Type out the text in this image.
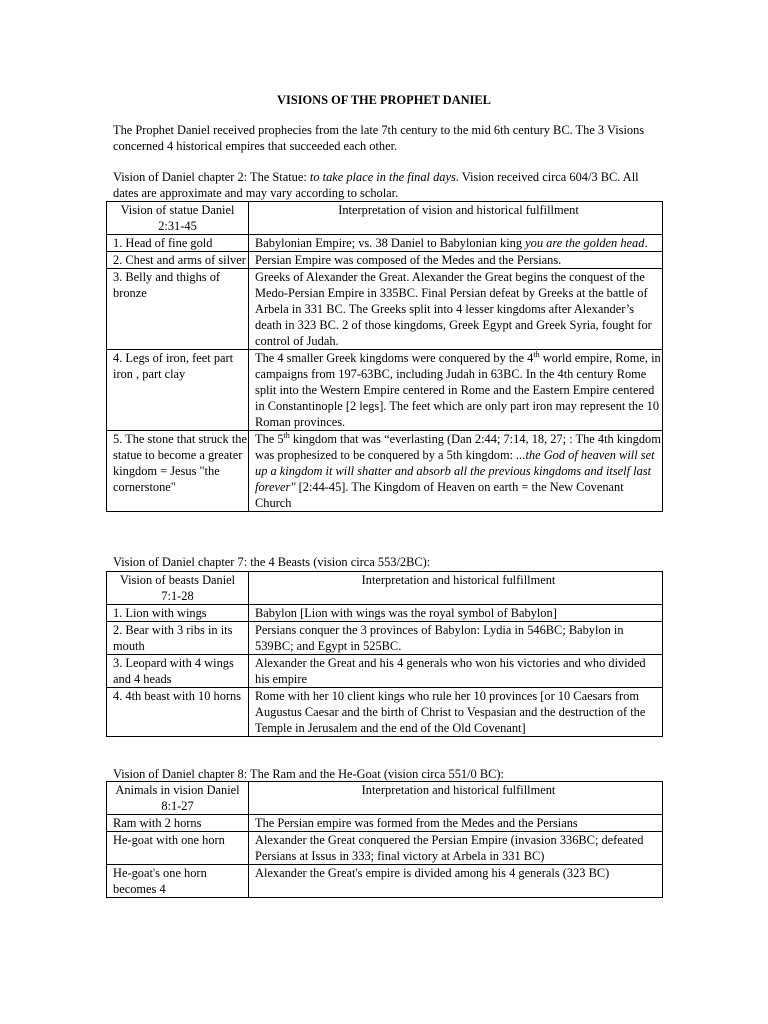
VISIONS OF THE PROPHET DANIEL
The Prophet Daniel received prophecies from the late 7th century to the mid 6th century BC. The 3 Visions concerned 4 historical empires that succeeded each other.
Vision of Daniel chapter 2: The Statue: to take place in the final days. Vision received circa 604/3 BC. All dates are approximate and may vary according to scholar.
Vision of statue Daniel 2:31-45	Interpretation of vision and historical fulfillment
1. Head of fine gold	Babylonian Empire; vs. 38 Daniel to Babylonian king you are the golden head.
2. Chest and arms of silver	Persian Empire was composed of the Medes and the Persians.
3. Belly and thighs of bronze	Greeks of Alexander the Great. Alexander the Great begins the conquest of the Medo-Persian Empire in 335BC. Final Persian defeat by Greeks at the battle of Arbela in 331 BC. The Greeks split into 4 lesser kingdoms after Alexander’s death in 323 BC. 2 of those kingdoms, Greek Egypt and Greek Syria, fought for control of Judah.
4. Legs of iron, feet part iron , part clay	The 4 smaller Greek kingdoms were conquered by the 4th world empire, Rome, in campaigns from 197-63BC, including Judah in 63BC. In the 4th century Rome split into the Western Empire centered in Rome and the Eastern Empire centered in Constantinople [2 legs]. The feet which are only part iron may represent the 10 Roman provinces.
5. The stone that struck the statue to become a greater kingdom = Jesus "the cornerstone"	The 5th kingdom that was “everlasting (Dan 2:44; 7:14, 18, 27; : The 4th kingdom was prophesized to be conquered by a 5th kingdom: ...the God of heaven will set up a kingdom it will shatter and absorb all the previous kingdoms and itself last forever" [2:44-45]. The Kingdom of Heaven on earth = the New Covenant Church
Vision of Daniel chapter 7: the 4 Beasts (vision circa 553/2BC):
Vision of beasts Daniel 7:1-28	Interpretation and historical fulfillment
1. Lion with wings	Babylon [Lion with wings was the royal symbol of Babylon]
2. Bear with 3 ribs in its mouth	Persians conquer the 3 provinces of Babylon: Lydia in 546BC; Babylon in 539BC; and Egypt in 525BC.
3. Leopard with 4 wings and 4 heads	Alexander the Great and his 4 generals who won his victories and who divided his empire
4. 4th beast with 10 horns	Rome with her 10 client kings who rule her 10 provinces [or 10 Caesars from Augustus Caesar and the birth of Christ to Vespasian and the destruction of the Temple in Jerusalem and the end of the Old Covenant]
Vision of Daniel chapter 8: The Ram and the He-Goat (vision circa 551/0 BC):
Animals in vision Daniel 8:1-27	Interpretation and historical fulfillment
Ram with 2 horns	The Persian empire was formed from the Medes and the Persians
He-goat with one horn	Alexander the Great conquered the Persian Empire (invasion 336BC; defeated Persians at Issus in 333; final victory at Arbela in 331 BC)
He-goat's one horn becomes 4	Alexander the Great's empire is divided among his 4 generals (323 BC)
